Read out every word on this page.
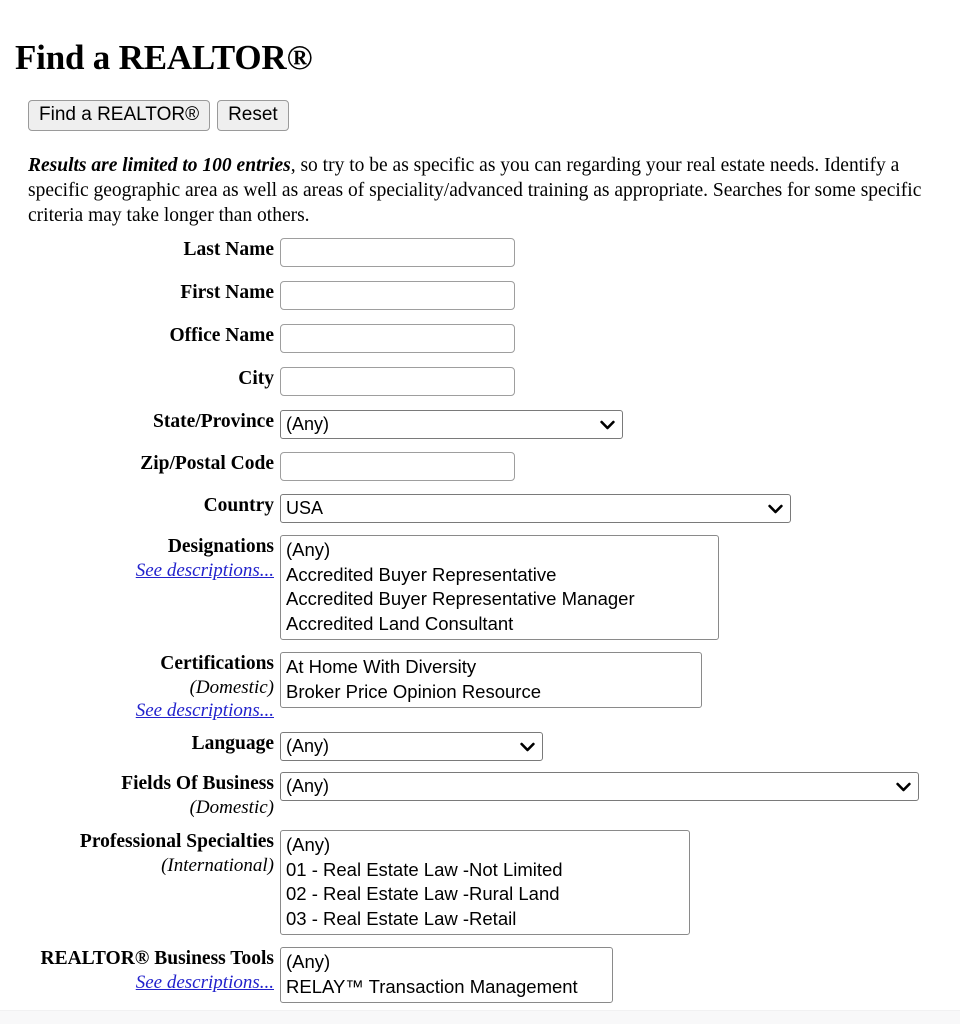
Find a REALTOR®
Find a REALTOR®	Reset

Results are limited to 100 entries, so try to be as specific as you can regarding your real estate needs. Identify a specific geographic area as well as areas of speciality/advanced training as appropriate. Searches for some specific criteria may take longer than others.

Last Name
First Name
Office Name
City
State/Province (Any)
Zip/Postal Code
Country USA
Designations
See descriptions...
(Any)
Accredited Buyer Representative
Accredited Buyer Representative Manager
Accredited Land Consultant
Certifications
(Domestic)
See descriptions...
At Home With Diversity
Broker Price Opinion Resource
Language (Any)
Fields Of Business
(Domestic)
(Any)
Professional Specialties
(International)
(Any)
01 - Real Estate Law -Not Limited
02 - Real Estate Law -Rural Land
03 - Real Estate Law -Retail
REALTOR® Business Tools
See descriptions...
(Any)
RELAY™ Transaction Management
